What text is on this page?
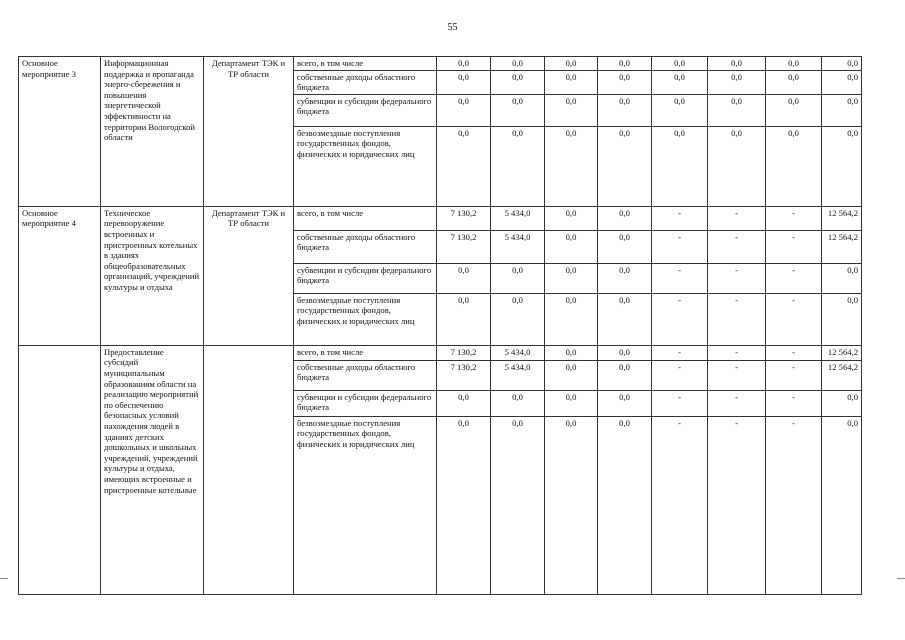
55
Основное мероприятие 3	Информационная поддержка и пропаганда энерго-сбережения и повышения энергетической эффективности на территории Вологодской области	Департамент ТЭК и ТР области	всего, в том числе	0,0	0,0	0,0	0,0	0,0	0,0	0,0	0,0
			собственные доходы областного бюджета	0,0	0,0	0,0	0,0	0,0	0,0	0,0	0,0
			субвенции и субсидии федерального бюджета	0,0	0,0	0,0	0,0	0,0	0,0	0,0	0,0
			безвозмездные поступления государственных фондов, физических и юридических лиц	0,0	0,0	0,0	0,0	0,0	0,0	0,0	0,0
Основное мероприятие 4	Техническое перевооружение встроенных и пристроенных котельных в зданиях общеобразовательных организаций, учреждений культуры и отдыха	Департамент ТЭК и ТР области	всего, в том числе	7 130,2	5 434,0	0,0	0,0	-	-	-	12 564,2
			собственные доходы областного бюджета	7 130,2	5 434,0	0,0	0,0	-	-	-	12 564,2
			субвенции и субсидии федерального бюджета	0,0	0,0	0,0	0,0	-	-	-	0,0
			безвозмездные поступления государственных фондов, физических и юридических лиц	0,0	0,0	0,0	0,0	-	-	-	0,0
	Предоставление субсидий муниципальным образованиям области на реализацию мероприятий по обеспечению безопасных условий нахождения людей в зданиях детских дошкольных и школьных учреждений, учреждений культуры и отдыха, имеющих встроенные и пристроенные котельные		всего, в том числе	7 130,2	5 434,0	0,0	0,0	-	-	-	12 564,2
			собственные доходы областного бюджета	7 130,2	5 434,0	0,0	0,0	-	-	-	12 564,2
			субвенции и субсидии федерального бюджета	0,0	0,0	0,0	0,0	-	-	-	0,0
			безвозмездные поступления государственных фондов, физических и юридических лиц	0,0	0,0	0,0	0,0	-	-	-	0,0
